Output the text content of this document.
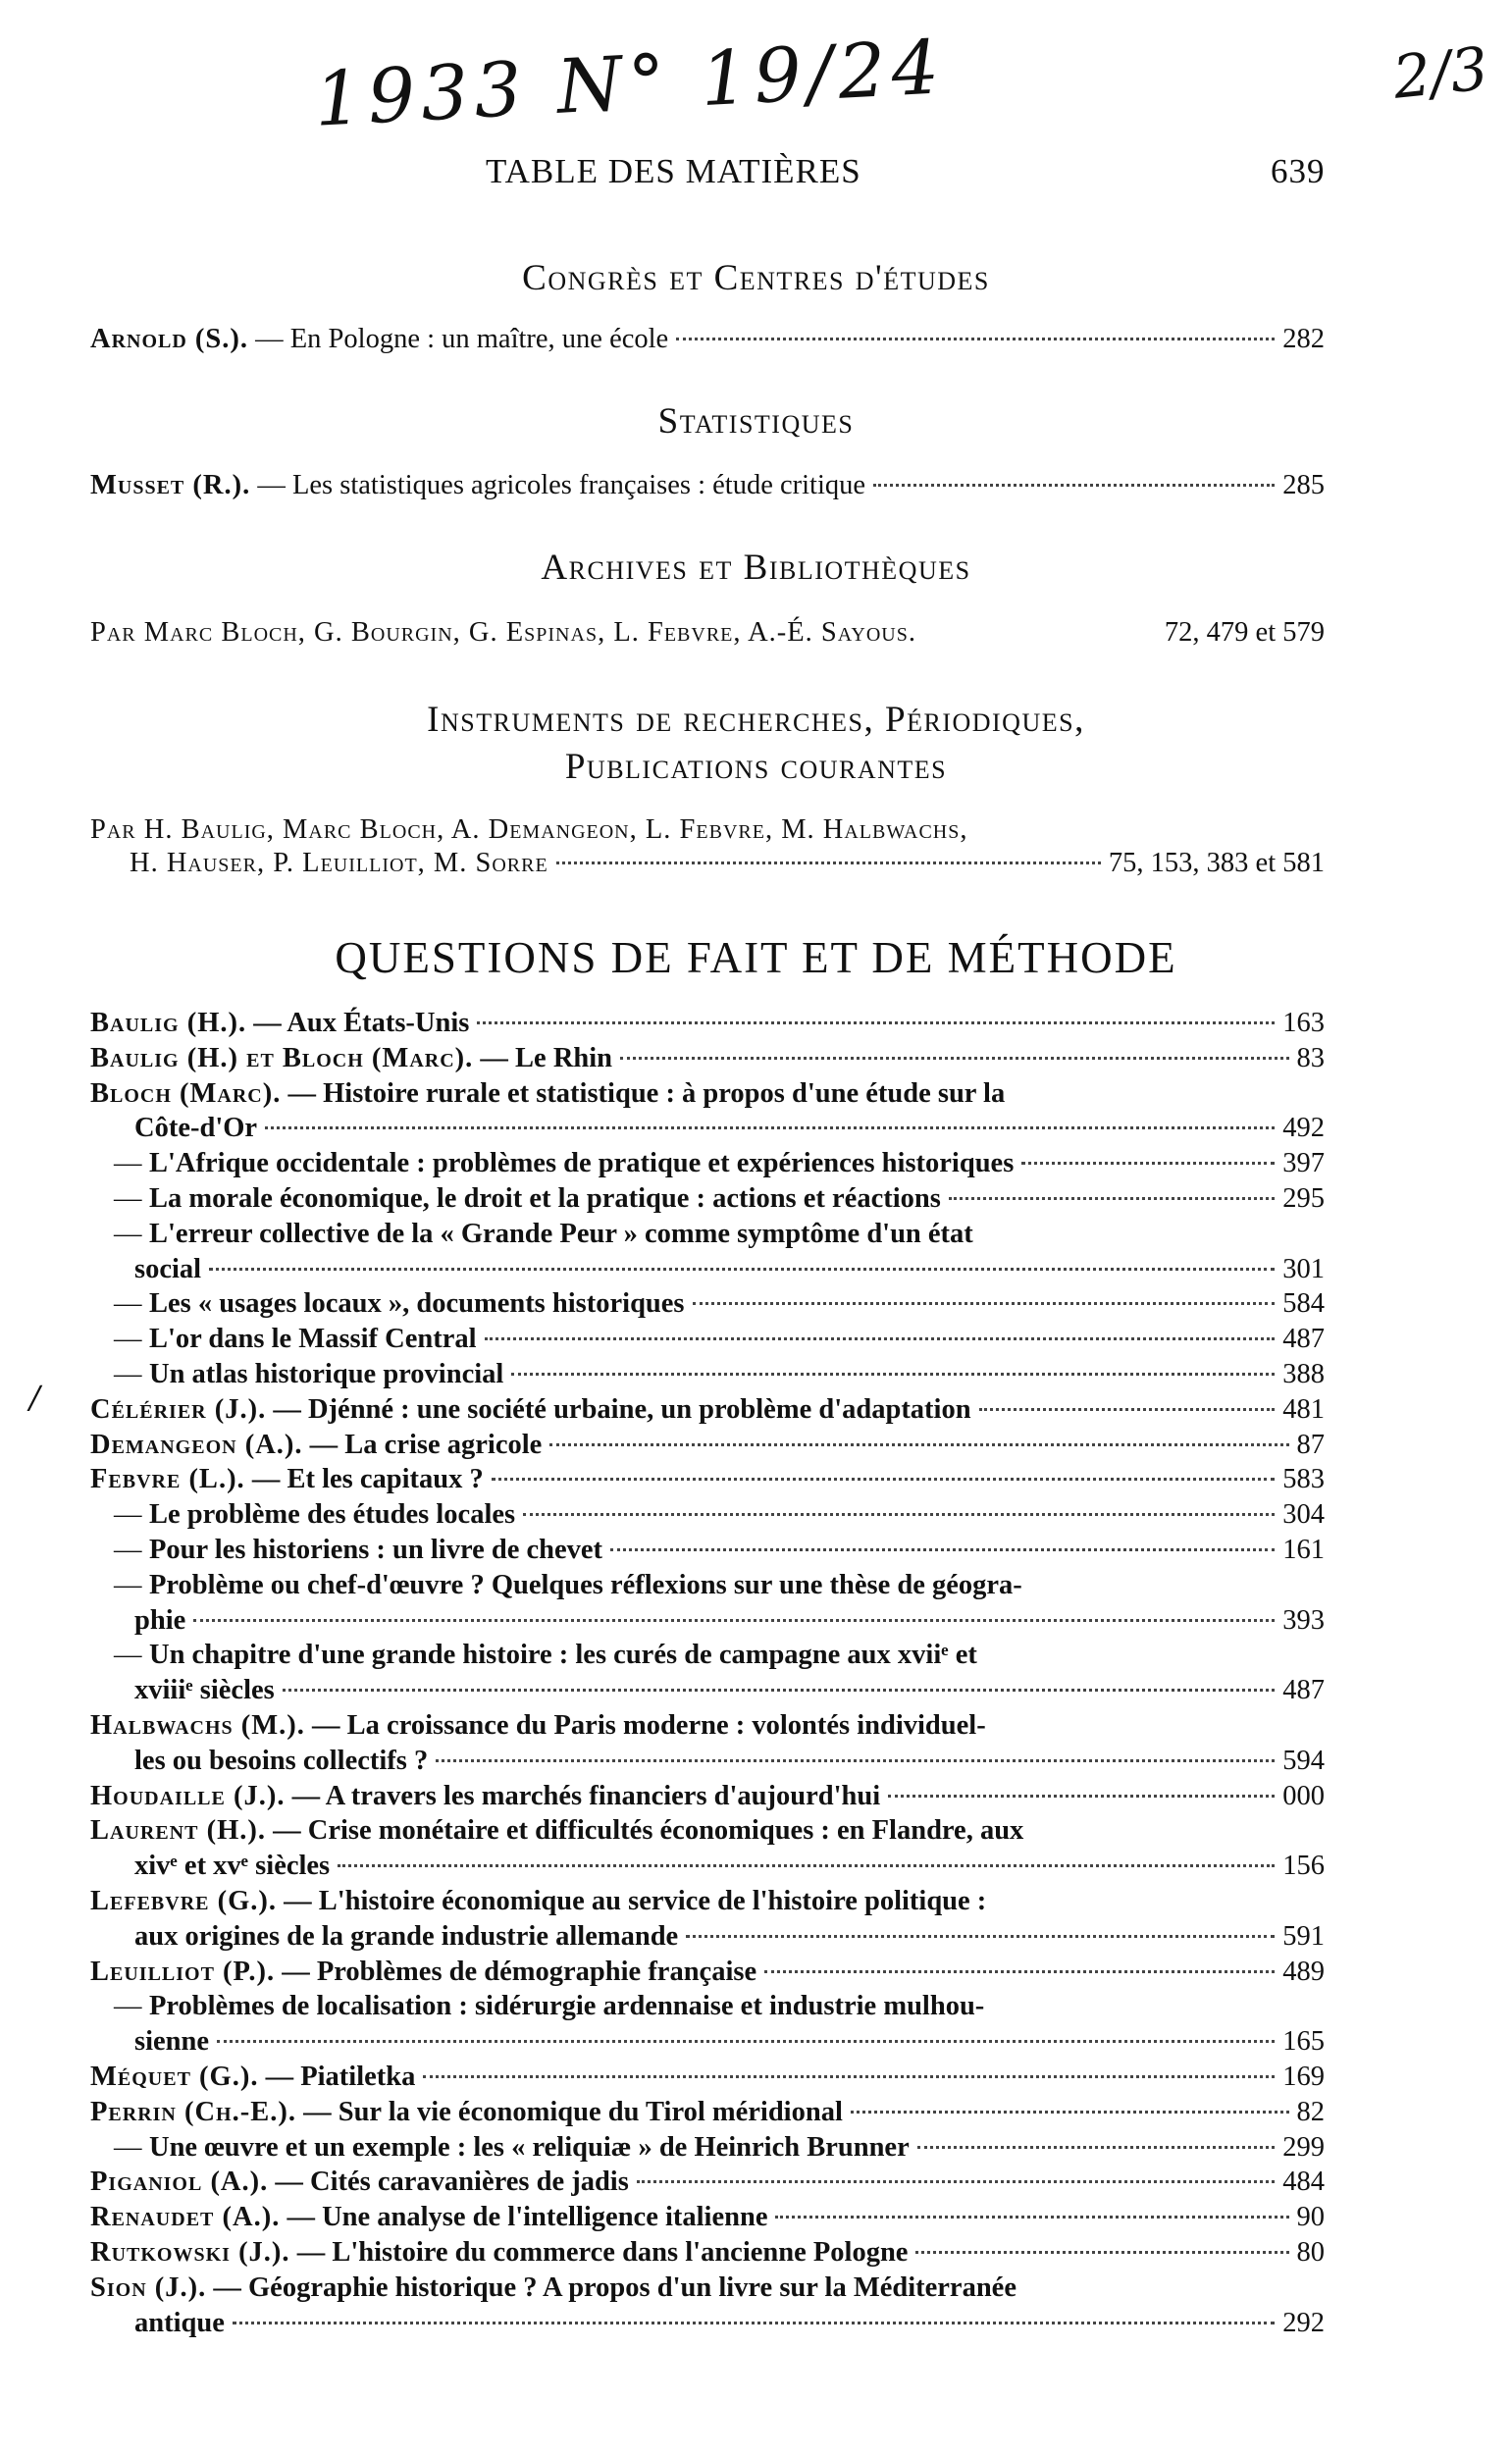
1933 N° 19/24	2/3
TABLE DES MATIÈRES	639
Congrès et Centres d'études
Arnold (S.). — En Pologne : un maître, une école	282
Statistiques
Musset (R.). — Les statistiques agricoles françaises : étude critique	285
Archives et Bibliothèques
Par Marc Bloch, G. Bourgin, G. Espinas, L. Febvre, A.-É. Sayous.	72, 479 et 579
Instruments de recherches, Périodiques,
Publications courantes
Par H. Baulig, Marc Bloch, A. Demangeon, L. Febvre, M. Halbwachs,
H. Hauser, P. Leuilliot, M. Sorre	75, 153, 383 et 581
QUESTIONS DE FAIT ET DE MÉTHODE
Baulig (H.). — Aux États-Unis	163
Baulig (H.) et Bloch (Marc). — Le Rhin	83
Bloch (Marc). — Histoire rurale et statistique : à propos d'une étude sur la
Côte-d'Or	492
— L'Afrique occidentale : problèmes de pratique et expériences historiques	397
— La morale économique, le droit et la pratique : actions et réactions	295
— L'erreur collective de la « Grande Peur » comme symptôme d'un état
social	301
— Les « usages locaux », documents historiques	584
— L'or dans le Massif Central	487
— Un atlas historique provincial	388
Célérier (J.). — Djénné : une société urbaine, un problème d'adaptation	481
Demangeon (A.). — La crise agricole	87
Febvre (L.). — Et les capitaux ?	583
— Le problème des études locales	304
— Pour les historiens : un livre de chevet	161
— Problème ou chef-d'œuvre ? Quelques réflexions sur une thèse de géogra-
phie	393
— Un chapitre d'une grande histoire : les curés de campagne aux xviiᵉ et
xviiiᵉ siècles	487
Halbwachs (M.). — La croissance du Paris moderne : volontés individuel-
les ou besoins collectifs ?	594
Houdaille (J.). — A travers les marchés financiers d'aujourd'hui	000
Laurent (H.). — Crise monétaire et difficultés économiques : en Flandre, aux
xivᵉ et xvᵉ siècles	156
Lefebvre (G.). — L'histoire économique au service de l'histoire politique :
aux origines de la grande industrie allemande	591
Leuilliot (P.). — Problèmes de démographie française	489
— Problèmes de localisation : sidérurgie ardennaise et industrie mulhou-
sienne	165
Méquet (G.). — Piatiletka	169
Perrin (Ch.-E.). — Sur la vie économique du Tirol méridional	82
— Une œuvre et un exemple : les « reliquiæ » de Heinrich Brunner	299
Piganiol (A.). — Cités caravanières de jadis	484
Renaudet (A.). — Une analyse de l'intelligence italienne	90
Rutkowski (J.). — L'histoire du commerce dans l'ancienne Pologne	80
Sion (J.). — Géographie historique ? A propos d'un livre sur la Méditerranée
antique	292
/
